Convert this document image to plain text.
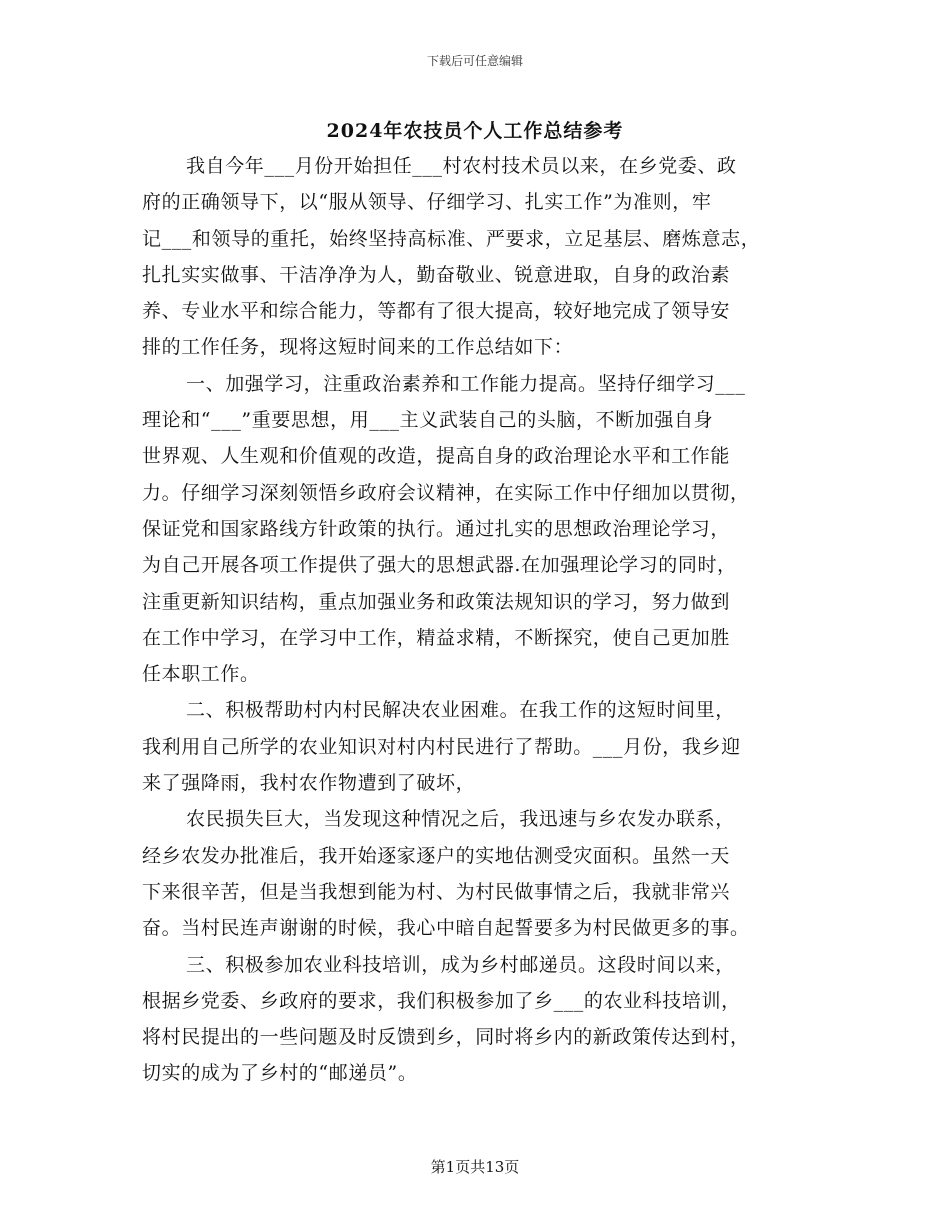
下载后可任意编辑
2024年农技员个人工作总结参考
我自今年___月份开始担任___村农村技术员以来，在乡党委、政
府的正确领导下，以“服从领导、仔细学习、扎实工作”为准则，牢
记___和领导的重托，始终坚持高标准、严要求，立足基层、磨炼意志，
扎扎实实做事、干洁净净为人，勤奋敬业、锐意进取，自身的政治素
养、专业水平和综合能力，等都有了很大提高，较好地完成了领导安
排的工作任务，现将这短时间来的工作总结如下：
一、加强学习，注重政治素养和工作能力提高。坚持仔细学习___
理论和“___”重要思想，用___主义武装自己的头脑，不断加强自身
世界观、人生观和价值观的改造，提高自身的政治理论水平和工作能
力。仔细学习深刻领悟乡政府会议精神，在实际工作中仔细加以贯彻，
保证党和国家路线方针政策的执行。通过扎实的思想政治理论学习，
为自己开展各项工作提供了强大的思想武器.在加强理论学习的同时，
注重更新知识结构，重点加强业务和政策法规知识的学习，努力做到
在工作中学习，在学习中工作，精益求精，不断探究，使自己更加胜
任本职工作。
二、积极帮助村内村民解决农业困难。在我工作的这短时间里，
我利用自己所学的农业知识对村内村民进行了帮助。___月份，我乡迎
来了强降雨，我村农作物遭到了破坏，
农民损失巨大，当发现这种情况之后，我迅速与乡农发办联系，
经乡农发办批准后，我开始逐家逐户的实地估测受灾面积。虽然一天
下来很辛苦，但是当我想到能为村、为村民做事情之后，我就非常兴
奋。当村民连声谢谢的时候，我心中暗自起誓要多为村民做更多的事。
三、积极参加农业科技培训，成为乡村邮递员。这段时间以来，
根据乡党委、乡政府的要求，我们积极参加了乡___的农业科技培训，
将村民提出的一些问题及时反馈到乡，同时将乡内的新政策传达到村，
切实的成为了乡村的“邮递员”。
第1页共13页
